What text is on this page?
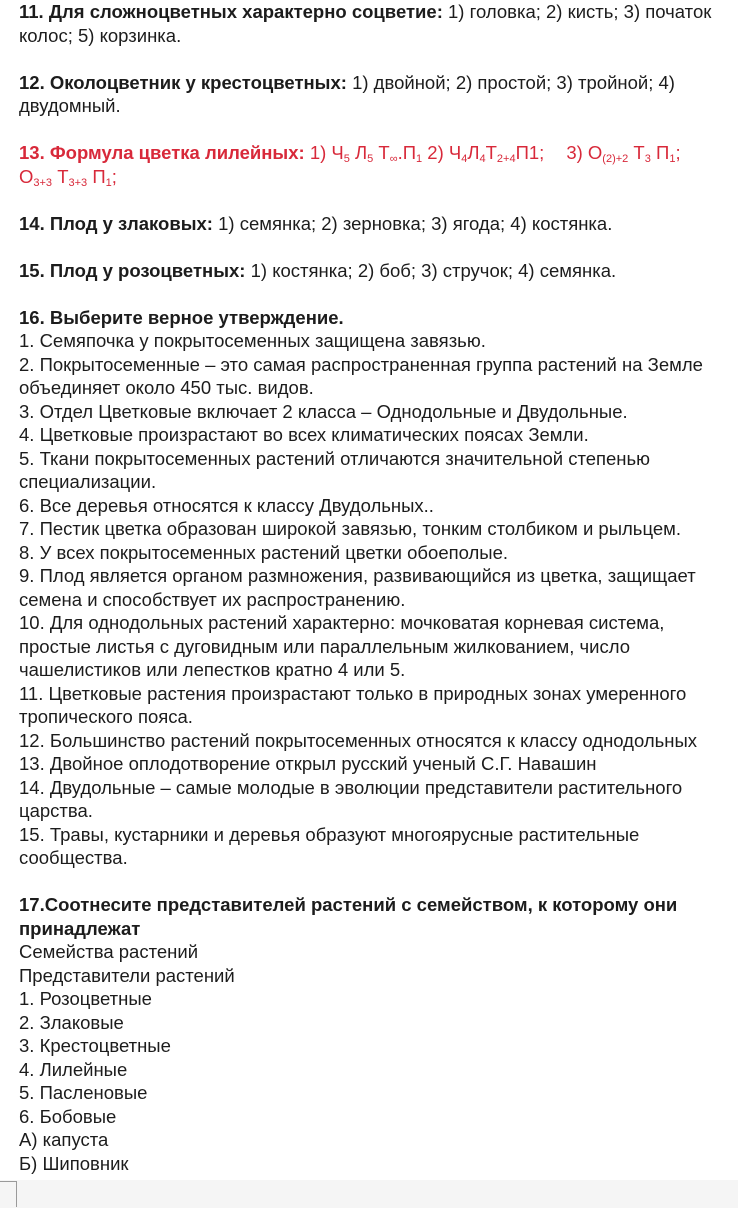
11. Для сложноцветных характерно соцветие: 1) головка; 2) кисть; 3) початок
колос; 5) корзинка.
12. Околоцветник у крестоцветных: 1) двойной; 2) простой; 3) тройной; 4)
двудомный.
13. Формула цветка лилейных: 1) $Ч_5$ $Л_5$ $Т_\infty.П_1$ 2) $Ч_4Л_4Т_{2+4}П1$; 3) $О_{(2)+2}$ $Т_3$ $П_1$;
$О_{3+3}$ $Т_{3+3}$ $П_1$;
14. Плод у злаковых: 1) семянка; 2) зерновка; 3) ягода; 4) костянка.
15. Плод у розоцветных: 1) костянка; 2) боб; 3) стручок; 4) семянка.
16. Выберите верное утверждение.
1. Семяпочка у покрытосеменных защищена завязью.
2. Покрытосеменные – это самая распространенная группа растений на Земле
объединяет около 450 тыс. видов.
3. Отдел Цветковые включает 2 класса – Однодольные и Двудольные.
4. Цветковые произрастают во всех климатических поясах Земли.
5. Ткани покрытосеменных растений отличаются значительной степенью
специализации.
6. Все деревья относятся к классу Двудольных..
7. Пестик цветка образован широкой завязью, тонким столбиком и рыльцем.
8. У всех покрытосеменных растений цветки обоеполые.
9. Плод является органом размножения, развивающийся из цветка, защищает
семена и способствует их распространению.
10. Для однодольных растений характерно: мочковатая корневая система,
простые листья с дуговидным или параллельным жилкованием, число
чашелистиков или лепестков кратно 4 или 5.
11. Цветковые растения произрастают только в природных зонах умеренного
тропического пояса.
12. Большинство растений покрытосеменных относятся к классу однодольных
13. Двойное оплодотворение открыл русский ученый С.Г. Навашин
14. Двудольные – самые молодые в эволюции представители растительного
царства.
15. Травы, кустарники и деревья образуют многоярусные растительные
сообщества.
17.Соотнесите представителей растений с семейством, к которому они
принадлежат
Семейства растений
Представители растений
1. Розоцветные
2. Злаковые
3. Крестоцветные
4. Лилейные
5. Пасленовые
6. Бобовые
А) капуста
Б) Шиповник
